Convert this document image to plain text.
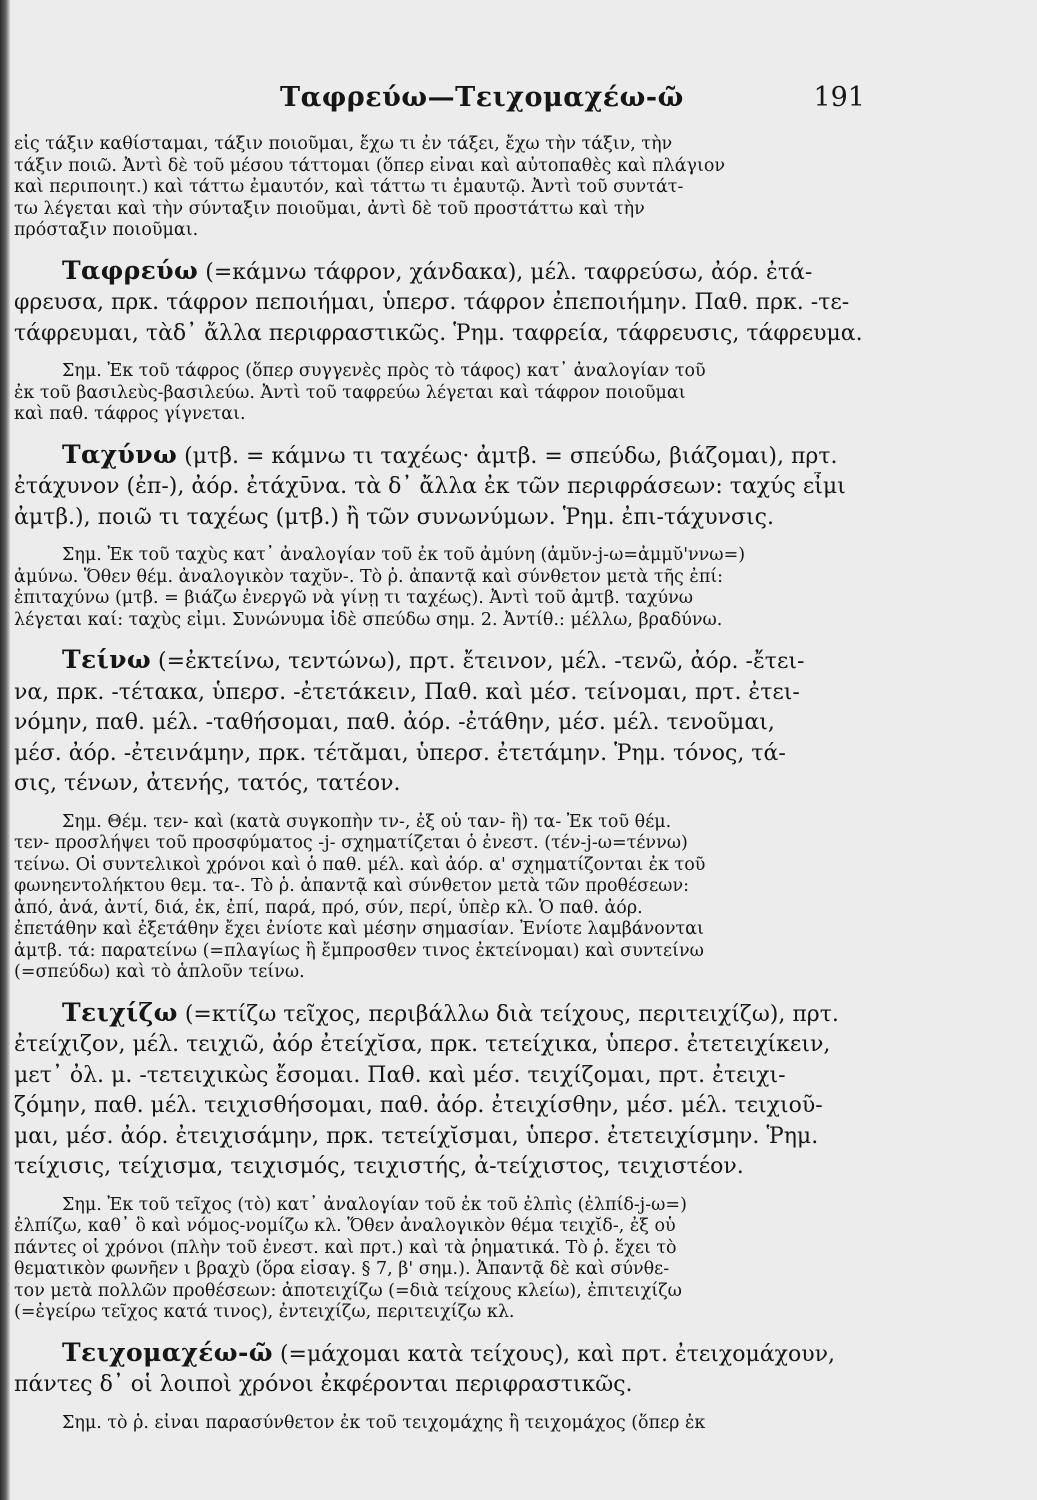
Ταφρεύω—Τειχομαχέω-ῶ	191
εἰς τάξιν καθίσταμαι, τάξιν ποιοῦμαι, ἔχω τι ἐν τάξει, ἔχω τὴν τάξιν, τὴν
τάξιν ποιῶ. Ἀντὶ δὲ τοῦ μέσου τάττομαι (ὅπερ εἶναι καὶ αὐτοπαθὲς καὶ πλάγιον
καὶ περιποιητ.) καὶ τάττω ἐμαυτόν, καὶ τάττω τι ἐμαυτῷ. Ἀντὶ τοῦ συντάτ-
τω λέγεται καὶ τὴν σύνταξιν ποιοῦμαι, ἀντὶ δὲ τοῦ προστάττω καὶ τὴν
πρόσταξιν ποιοῦμαι.
Ταφρεύω (=κάμνω τάφρον, χάνδακα), μέλ. ταφρεύσω, ἀόρ. ἐτά-
φρευσα, πρκ. τάφρον πεποιήμαι, ὑπερσ. τάφρον ἐπεποιήμην. Παθ. πρκ. -τε-
τάφρευμαι, τὰδ᾽ ἄλλα περιφραστικῶς. Ῥημ. ταφρεία, τάφρευσις, τάφρευμα.
Σημ. Ἐκ τοῦ τάφρος (ὅπερ συγγενὲς πρὸς τὸ τάφος) κατ᾽ ἀναλογίαν τοῦ
ἐκ τοῦ βασιλεὺς-βασιλεύω. Ἀντὶ τοῦ ταφρεύω λέγεται καὶ τάφρον ποιοῦμαι
καὶ παθ. τάφρος γίγνεται.
Ταχύνω (μτβ. = κάμνω τι ταχέως· ἀμτβ. = σπεύδω, βιάζομαι), πρτ.
ἐτάχυνον (ἐπ-), ἀόρ. ἐτάχῡνα. τὰ δ᾽ ἄλλα ἐκ τῶν περιφράσεων: ταχύς εἶμι
ἀμτβ.), ποιῶ τι ταχέως (μτβ.) ἢ τῶν συνωνύμων. Ῥημ. ἐπι-τάχυνσις.
Σημ. Ἐκ τοῦ ταχὺς κατ᾽ ἀναλογίαν τοῦ ἐκ τοῦ ἀμύνη (ἀμῠν-j-ω=ἀμμῠ'ννω=)
ἀμύνω. Ὅθεν θέμ. ἀναλογικὸν ταχῠν-. Τὸ ῥ. ἀπαντᾷ καὶ σύνθετον μετὰ τῆς ἐπί:
ἐπιταχύνω (μτβ. = βιάζω ἐνεργῶ νὰ γίνῃ τι ταχέως). Ἀντὶ τοῦ ἀμτβ. ταχύνω
λέγεται καί: ταχὺς εἰμι. Συνώνυμα ἰδὲ σπεύδω σημ. 2. Ἀντίθ.: μέλλω, βραδύνω.
Τείνω (=ἐκτείνω, τεντώνω), πρτ. ἔτεινον, μέλ. -τενῶ, ἀόρ. -ἔτει-
να, πρκ. -τέτακα, ὑπερσ. -ἐτετάκειν, Παθ. καὶ μέσ. τείνομαι, πρτ. ἐτει-
νόμην, παθ. μέλ. -ταθήσομαι, παθ. ἀόρ. -ἐτάθην, μέσ. μέλ. τενοῦμαι,
μέσ. ἀόρ. -ἐτεινάμην, πρκ. τέτᾰμαι, ὑπερσ. ἐτετάμην. Ῥημ. τόνος, τά-
σις, τένων, ἀτενής, τατός, τατέον.
Σημ. Θέμ. τεν- καὶ (κατὰ συγκοπὴν τν-, ἐξ οὗ ταν- ἢ) τα- Ἐκ τοῦ θέμ.
τεν- προσλήψει τοῦ προσφύματος -j- σχηματίζεται ὁ ἐνεστ. (τέν-j-ω=τέννω)
τείνω. Οἱ συντελικοὶ χρόνοι καὶ ὁ παθ. μέλ. καὶ ἀόρ. α' σχηματίζονται ἐκ τοῦ
φωνηεντολήκτου θεμ. τα-. Τὸ ῥ. ἀπαντᾷ καὶ σύνθετον μετὰ τῶν προθέσεων:
ἀπό, ἀνά, ἀντί, διά, ἐκ, ἐπί, παρά, πρό, σύν, περί, ὑπὲρ κλ. Ὁ παθ. ἀόρ.
ἐπετάθην καὶ ἐξετάθην ἔχει ἐνίοτε καὶ μέσην σημασίαν. Ἐνίοτε λαμβάνονται
ἀμτβ. τά: παρατείνω (=πλαγίως ἢ ἔμπροσθεν τινος ἐκτείνομαι) καὶ συντείνω
(=σπεύδω) καὶ τὸ ἁπλοῦν τείνω.
Τειχίζω (=κτίζω τεῖχος, περιβάλλω διὰ τείχους, περιτειχίζω), πρτ.
ἐτείχιζον, μέλ. τειχιῶ, ἀόρ ἐτείχῐσα, πρκ. τετείχικα, ὑπερσ. ἐτετειχίκειν,
μετ᾽ ὀλ. μ. -τετειχικὼς ἔσομαι. Παθ. καὶ μέσ. τειχίζομαι, πρτ. ἐτειχι-
ζόμην, παθ. μέλ. τειχισθήσομαι, παθ. ἀόρ. ἐτειχίσθην, μέσ. μέλ. τειχιοῦ-
μαι, μέσ. ἀόρ. ἐτειχισάμην, πρκ. τετείχῐσμαι, ὑπερσ. ἐτετειχίσμην. Ῥημ.
τείχισις, τείχισμα, τειχισμός, τειχιστής, ἀ-τείχιστος, τειχιστέον.
Σημ. Ἐκ τοῦ τεῖχος (τὸ) κατ᾽ ἀναλογίαν τοῦ ἐκ τοῦ ἐλπὶς (ἐλπίδ-j-ω=)
ἐλπίζω, καθ᾽ ὃ καὶ νόμος-νομίζω κλ. Ὅθεν ἀναλογικὸν θέμα τειχῐδ-, ἐξ οὗ
πάντες οἱ χρόνοι (πλὴν τοῦ ἐνεστ. καὶ πρτ.) καὶ τὰ ῥηματικά. Τὸ ῥ. ἔχει τὸ
θεματικὸν φωνῆεν ι βραχὺ (ὅρα εἰσαγ. § 7, β' σημ.). Ἀπαντᾷ δὲ καὶ σύνθε-
τον μετὰ πολλῶν προθέσεων: ἀποτειχίζω (=διὰ τείχους κλείω), ἐπιτειχίζω
(=ἐγείρω τεῖχος κατά τινος), ἐντειχίζω, περιτειχίζω κλ.
Τειχομαχέω-ῶ (=μάχομαι κατὰ τείχους), καὶ πρτ. ἐτειχομάχουν,
πάντες δ᾽ οἱ λοιποὶ χρόνοι ἐκφέρονται περιφραστικῶς.
Σημ. τὸ ῥ. εἶναι παρασύνθετον ἐκ τοῦ τειχομάχης ἢ τειχομάχος (ὅπερ ἐκ
